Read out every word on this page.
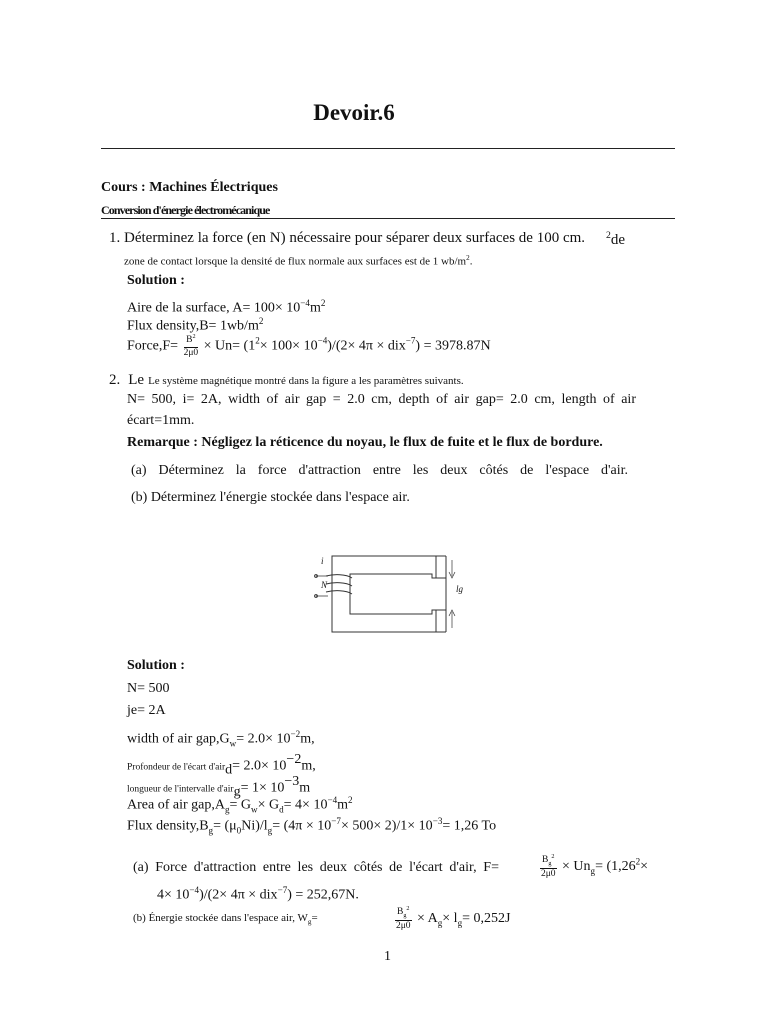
Devoir.6
Cours : Machines Électriques
Conversion d'énergie électromécanique
1. Déterminez la force (en N) nécessaire pour séparer deux surfaces de 100 cm. $^2$de
zone de contact lorsque la densité de flux normale aux surfaces est de 1 $wb/m^2$.
Solution :
Aire de la surface, $A= 100\times 10^{-4}m^2$
Flux density,B= $1wb/m^2$
Force,F= $\frac{B^2}{2\mu 0} \times Un= (1^2\times 100\times 10^{-4})/(2\times 4\pi \times dix^{-7}) = 3978.87N$
2. Le Le système magnétique montré dans la figure a les paramètres suivants.
N= 500, i= 2A, width of air gap = 2.0 cm, depth of air gap= 2.0 cm, length of air
écart=1mm.
Remarque : Négligez la réticence du noyau, le flux de fuite et le flux de bordure.
(a) Déterminez la force d'attraction entre les deux côtés de l'espace d'air.
(b) Déterminez l'énergie stockée dans l'espace air.
i
N	lg
Solution :
N= 500
je= 2A
width of air $gap,G_w= 2.0\times 10^{-2}m$,
Profondeur de l'écart $d'air_d= 2.0\times 10^{-2}m$,
longueur de l'intervalle $d'air_g= 1\times 10^{-3}m$
Area of air $gap,A_g= G_w\times G_d= 4\times 10^{-4}m^2$
Flux $density,B_g= (\mu_0Ni)/l_g= (4\pi \times 10^{-7}\times 500\times 2)/1\times 10^{-3}= 1,26$ To
(a) Force d'attraction entre les deux côtés de l'écart d'air, F=	$\frac{B_g^2}{2\mu 0} \times Un_g= (1,26^2\times$
$4\times 10^{-4})/(2\times 4\pi \times dix^{-7}) = 252,67N$.
(b) Énergie stockée dans l'espace air, $W_g=$	$\frac{B_g^2}{2\mu 0} \times A_g\times l_g= 0,252J$
1
